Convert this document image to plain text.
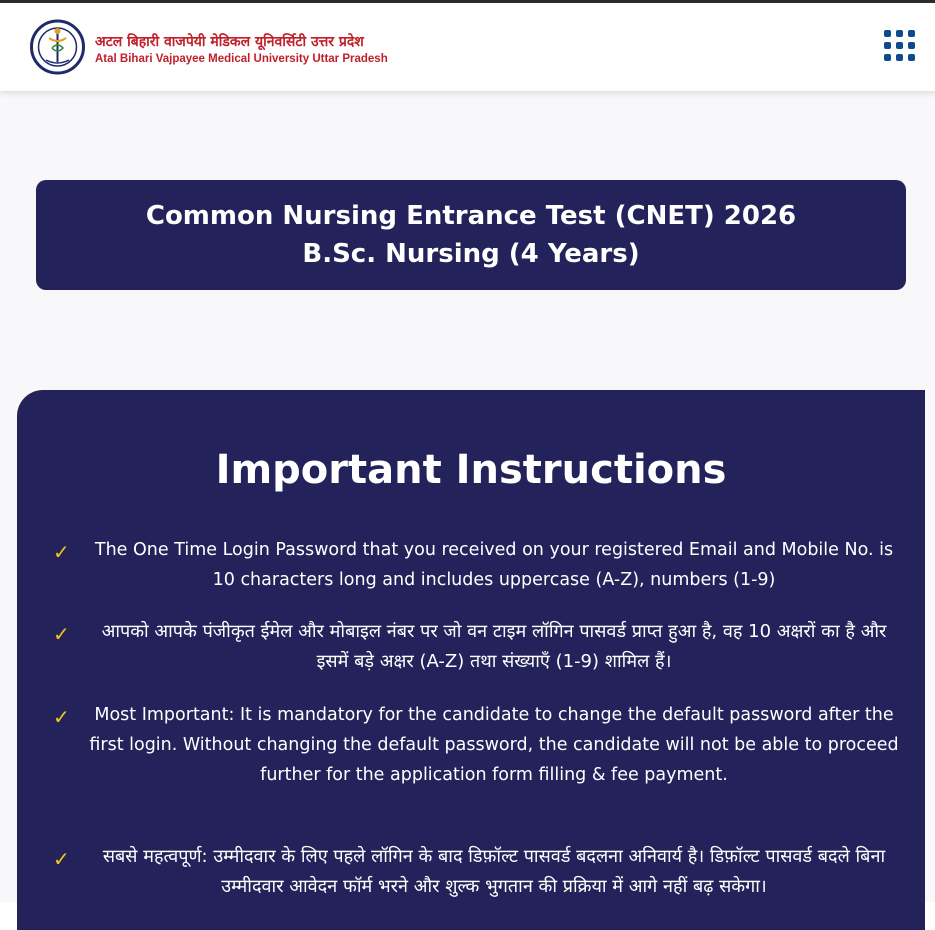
अटल बिहारी वाजपेयी मेडिकल यूनिवर्सिटी उत्तर प्रदेश
Atal Bihari Vajpayee Medical University Uttar Pradesh
Common Nursing Entrance Test (CNET) 2026
B.Sc. Nursing (4 Years)
Important Instructions
✓	The One Time Login Password that you received on your registered Email and Mobile No. is 10 characters long and includes uppercase (A-Z), numbers (1-9)
✓	आपको आपके पंजीकृत ईमेल और मोबाइल नंबर पर जो वन टाइम लॉगिन पासवर्ड प्राप्त हुआ है, वह 10 अक्षरों का है और इसमें बड़े अक्षर (A-Z) तथा संख्याएँ (1-9) शामिल हैं।
✓	Most Important: It is mandatory for the candidate to change the default password after the first login. Without changing the default password, the candidate will not be able to proceed further for the application form filling & fee payment.
✓	सबसे महत्वपूर्ण: उम्मीदवार के लिए पहले लॉगिन के बाद डिफ़ॉल्ट पासवर्ड बदलना अनिवार्य है। डिफ़ॉल्ट पासवर्ड बदले बिना उम्मीदवार आवेदन फॉर्म भरने और शुल्क भुगतान की प्रक्रिया में आगे नहीं बढ़ सकेगा।
